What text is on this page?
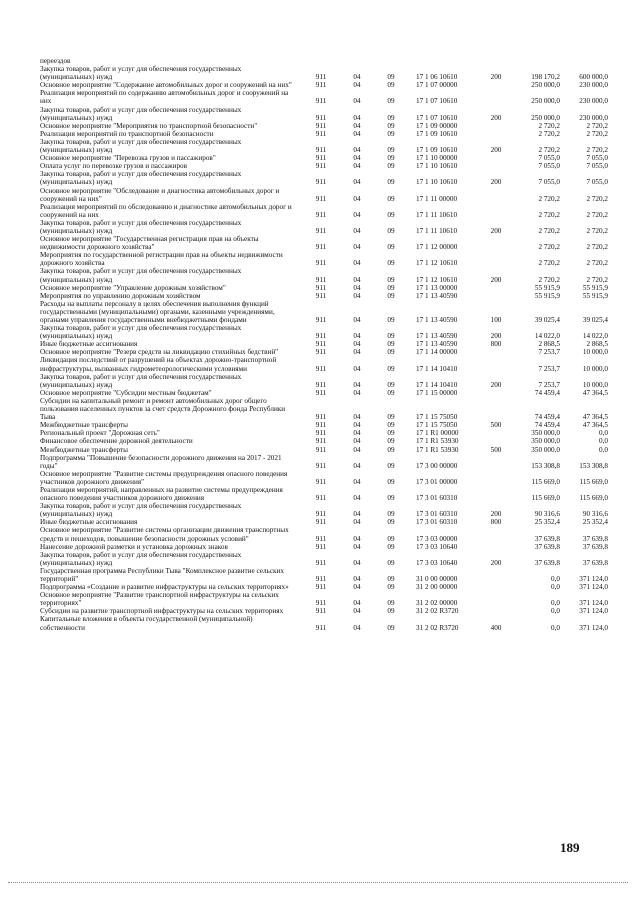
переездов							
Закупка товаров, работ и услуг для обеспечения государственных (муниципальных) нужд	911	04	09	17 1 06 10610	200	198 170,2	600 000,0
Основное мероприятие "Содержание автомобильных дорог и сооружений на них"	911	04	09	17 1 07 00000		250 000,0	230 000,0
Реализация мероприятий по содержанию автомобильных дорог и сооружений на них	911	04	09	17 1 07 10610		250 000,0	230 000,0
Закупка товаров, работ и услуг для обеспечения государственных (муниципальных) нужд	911	04	09	17 1 07 10610	200	250 000,0	230 000,0
Основное мероприятие "Мероприятия по транспортной безопасности"	911	04	09	17 1 09 00000		2 720,2	2 720,2
Реализация мероприятий по транспортной безопасности	911	04	09	17 1 09 10610		2 720,2	2 720,2
Закупка товаров, работ и услуг для обеспечения государственных (муниципальных) нужд	911	04	09	17 1 09 10610	200	2 720,2	2 720,2
Основное мероприятие "Перевозка грузов и пассажиров"	911	04	09	17 1 10 00000		7 055,0	7 055,0
Оплата услуг по перевозке грузов и пассажиров	911	04	09	17 1 10 10610		7 055,0	7 055,0
Закупка товаров, работ и услуг для обеспечения государственных (муниципальных) нужд	911	04	09	17 1 10 10610	200	7 055,0	7 055,0
Основное мероприятие "Обследование и диагностика автомобильных дорог и сооружений на них"	911	04	09	17 1 11 00000		2 720,2	2 720,2
Реализация мероприятий по обследованию и диагностике автомобильных дорог и сооружений на них	911	04	09	17 1 11 10610		2 720,2	2 720,2
Закупка товаров, работ и услуг для обеспечения государственных (муниципальных) нужд	911	04	09	17 1 11 10610	200	2 720,2	2 720,2
Основное мероприятие "Государственная регистрация прав на объекты недвижимости дорожного хозяйства"	911	04	09	17 1 12 00000		2 720,2	2 720,2
Мероприятия по государственной регистрации прав на объекты недвижимости дорожного хозяйства	911	04	09	17 1 12 10610		2 720,2	2 720,2
Закупка товаров, работ и услуг для обеспечения государственных (муниципальных) нужд	911	04	09	17 1 12 10610	200	2 720,2	2 720,2
Основное мероприятие "Управление дорожным хозяйством"	911	04	09	17 1 13 00000		55 915,9	55 915,9
Мероприятия по управлению дорожным хозяйством	911	04	09	17 1 13 40590		55 915,9	55 915,9
Расходы на выплаты персоналу в целях обеспечения выполнения функций государственными (муниципальными) органами, казенными учреждениями, органами управления государственными внебюджетными фондами	911	04	09	17 1 13 40590	100	39 025,4	39 025,4
Закупка товаров, работ и услуг для обеспечения государственных (муниципальных) нужд	911	04	09	17 1 13 40590	200	14 022,0	14 022,0
Иные бюджетные ассигнования	911	04	09	17 1 13 40590	800	2 868,5	2 868,5
Основное мероприятие "Резерв средств на ликвидацию стихийных бедствий"	911	04	09	17 1 14 00000		7 253,7	10 000,0
Ликвидация последствий от разрушений на объектах дорожно-транспортной инфраструктуры, вызванных гидрометеорологическими условиями	911	04	09	17 1 14 10410		7 253,7	10 000,0
Закупка товаров, работ и услуг для обеспечения государственных (муниципальных) нужд	911	04	09	17 1 14 10410	200	7 253,7	10 000,0
Основное мероприятие "Субсидии местным бюджетам"	911	04	09	17 1 15 00000		74 459,4	47 364,5
Субсидии на капитальный ремонт и ремонт автомобильных дорог общего пользования населенных пунктов за счет средств Дорожного фонда Республики Тыва	911	04	09	17 1 15 75050		74 459,4	47 364,5
Межбюджетные трансферты	911	04	09	17 1 15 75050	500	74 459,4	47 364,5
Региональный проект "Дорожная сеть"	911	04	09	17 1 R1 00000		350 000,0	0,0
Финансовое обеспечение дорожной деятельности	911	04	09	17 1 R1 53930		350 000,0	0,0
Межбюджетные трансферты	911	04	09	17 1 R1 53930	500	350 000,0	0,0
Подпрограмма "Повышение безопасности дорожного движения на 2017 - 2021 годы"	911	04	09	17 3 00 00000		153 308,8	153 308,8
Основное мероприятие "Развитие системы предупреждения опасного поведения участников дорожного движения"	911	04	09	17 3 01 00000		115 669,0	115 669,0
Реализация мероприятий, направленных на развитие системы предупреждения опасного поведения участников дорожного движения	911	04	09	17 3 01 60310		115 669,0	115 669,0
Закупка товаров, работ и услуг для обеспечения государственных (муниципальных) нужд	911	04	09	17 3 01 60310	200	90 316,6	90 316,6
Иные бюджетные ассигнования	911	04	09	17 3 01 60310	800	25 352,4	25 352,4
Основное мероприятие "Развитие системы организации движения транспортных средств и пешеходов, повышение безопасности дорожных условий"	911	04	09	17 3 03 00000		37 639,8	37 639,8
Нанесение дорожной разметки и установка дорожных знаков	911	04	09	17 3 03 10640		37 639,8	37 639,8
Закупка товаров, работ и услуг для обеспечения государственных (муниципальных) нужд	911	04	09	17 3 03 10640	200	37 639,8	37 639,8
Государственная программа Республики Тыва "Комплексное развитие сельских территорий"	911	04	09	31 0 00 00000		0,0	371 124,0
Подпрограмма «Создание и развитие инфраструктуры на сельских территориях»	911	04	09	31 2 00 00000		0,0	371 124,0
Основное мероприятие "Развитие транспортной инфраструктуры на сельских территориях"	911	04	09	31 2 02 00000		0,0	371 124,0
Субсидии на развитие транспортной инфраструктуры на сельских территориях	911	04	09	31 2 02 R3720		0,0	371 124,0
Капитальные вложения в объекты государственной (муниципальной) собственности	911	04	09	31 2 02 R3720	400	0,0	371 124,0
189
